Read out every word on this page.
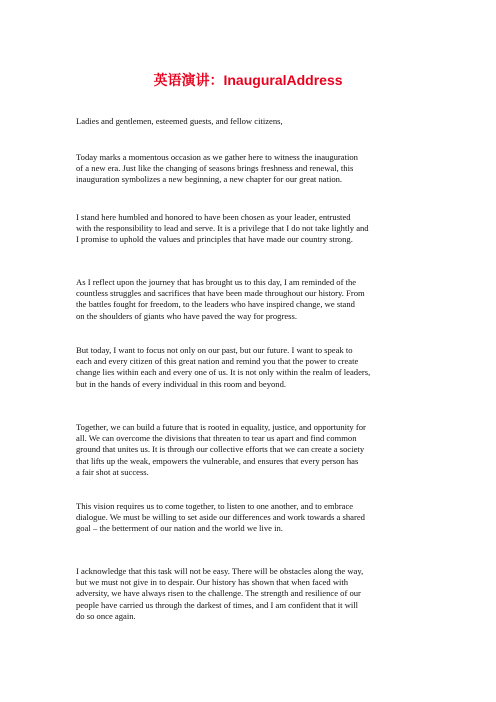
英语演讲：InauguralAddress

Ladies and gentlemen, esteemed guests, and fellow citizens,

Today marks a momentous occasion as we gather here to witness the inauguration
of a new era. Just like the changing of seasons brings freshness and renewal, this
inauguration symbolizes a new beginning, a new chapter for our great nation.

I stand here humbled and honored to have been chosen as your leader, entrusted
with the responsibility to lead and serve. It is a privilege that I do not take lightly and
I promise to uphold the values and principles that have made our country strong.

As I reflect upon the journey that has brought us to this day, I am reminded of the
countless struggles and sacrifices that have been made throughout our history. From
the battles fought for freedom, to the leaders who have inspired change, we stand
on the shoulders of giants who have paved the way for progress.

But today, I want to focus not only on our past, but our future. I want to speak to
each and every citizen of this great nation and remind you that the power to create
change lies within each and every one of us. It is not only within the realm of leaders,
but in the hands of every individual in this room and beyond.

Together, we can build a future that is rooted in equality, justice, and opportunity for
all. We can overcome the divisions that threaten to tear us apart and find common
ground that unites us. It is through our collective efforts that we can create a society
that lifts up the weak, empowers the vulnerable, and ensures that every person has
a fair shot at success.

This vision requires us to come together, to listen to one another, and to embrace
dialogue. We must be willing to set aside our differences and work towards a shared
goal – the betterment of our nation and the world we live in.

I acknowledge that this task will not be easy. There will be obstacles along the way,
but we must not give in to despair. Our history has shown that when faced with
adversity, we have always risen to the challenge. The strength and resilience of our
people have carried us through the darkest of times, and I am confident that it will
do so once again.
